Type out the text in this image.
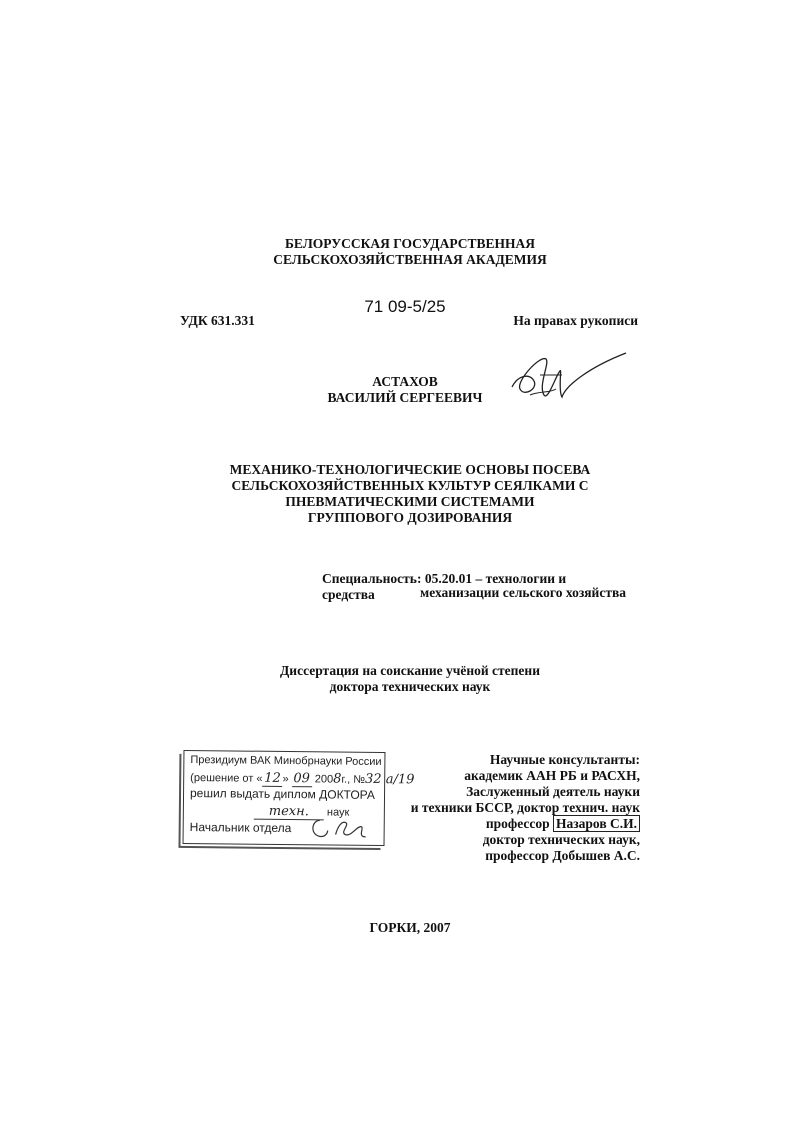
БЕЛОРУССКАЯ ГОСУДАРСТВЕННАЯ
СЕЛЬСКОХОЗЯЙСТВЕННАЯ АКАДЕМИЯ
71 09-5/25
УДК 631.331	На правах рукописи
АСТАХОВ
ВАСИЛИЙ СЕРГЕЕВИЧ
МЕХАНИКО-ТЕХНОЛОГИЧЕСКИЕ ОСНОВЫ ПОСЕВА
СЕЛЬСКОХОЗЯЙСТВЕННЫХ КУЛЬТУР СЕЯЛКАМИ С
ПНЕВМАТИЧЕСКИМИ СИСТЕМАМИ
ГРУППОВОГО ДОЗИРОВАНИЯ
Специальность: 05.20.01 – технологии и средства	механизации сельского хозяйства
Диссертация на соискание учёной степени
доктора технических наук
Президиум ВАК Минобрнауки России
(решение от « 12 » 09 2008г., №32 а/19
решил выдать диплом ДОКТОРА
техн. наук
Начальник отдела
Научные консультанты:
академик ААН РБ и РАСХН,
Заслуженный деятель науки
и техники БССР, доктор технич. наук
профессор Назаров С.И.
доктор технических наук,
профессор Добышев А.С.
ГОРКИ, 2007
